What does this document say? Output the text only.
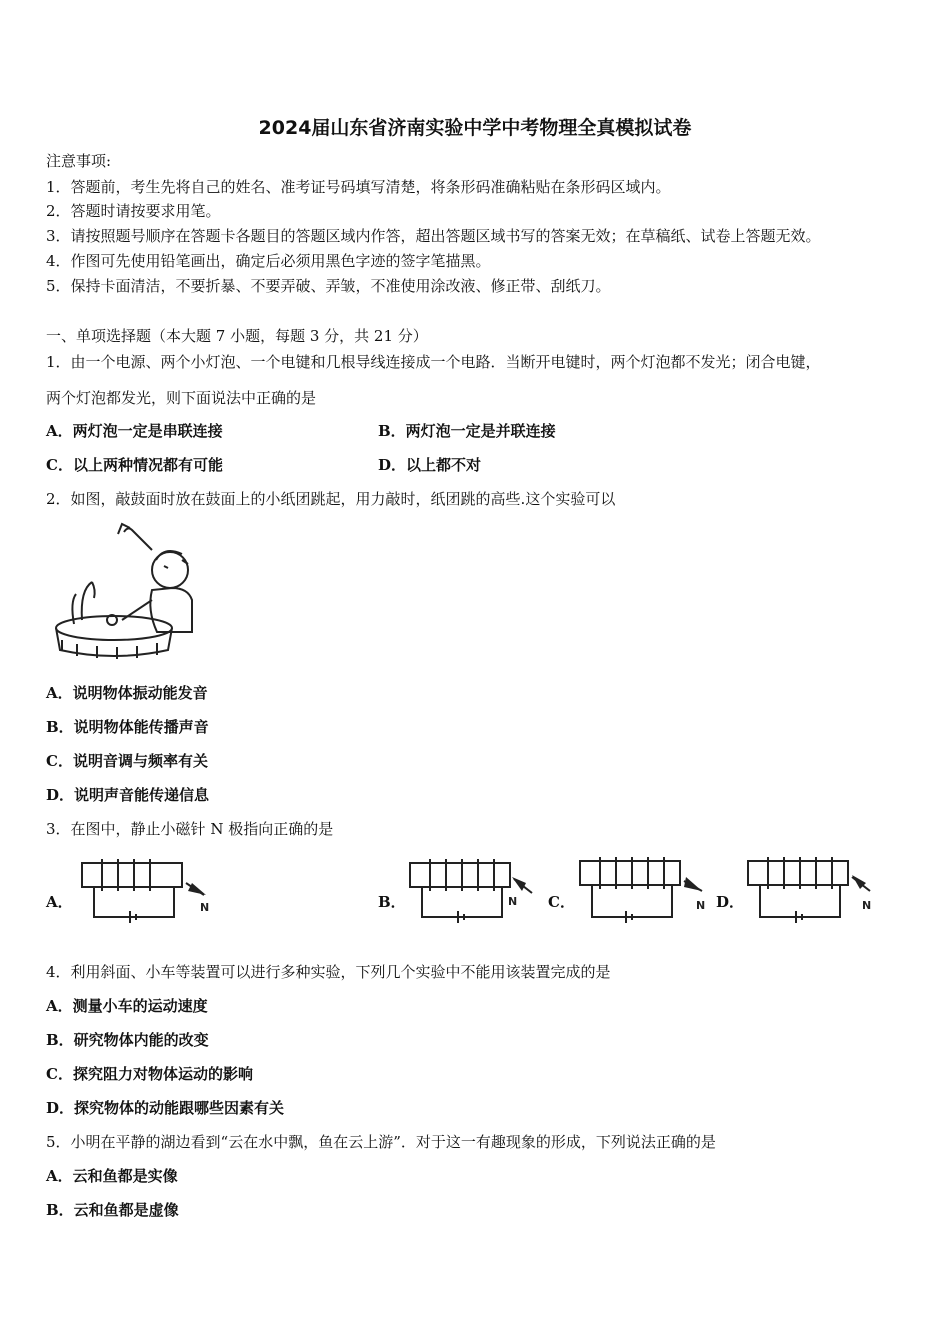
2024届山东省济南实验中学中考物理全真模拟试卷
注意事项:
1．答题前，考生先将自己的姓名、准考证号码填写清楚，将条形码准确粘贴在条形码区域内。
2．答题时请按要求用笔。
3．请按照题号顺序在答题卡各题目的答题区域内作答，超出答题区域书写的答案无效；在草稿纸、试卷上答题无效。
4．作图可先使用铅笔画出，确定后必须用黑色字迹的签字笔描黑。
5．保持卡面清洁，不要折暴、不要弄破、弄皱，不准使用涂改液、修正带、刮纸刀。
一、单项选择题（本大题 7 小题，每题 3 分，共 21 分）
1．由一个电源、两个小灯泡、一个电键和几根导线连接成一个电路．当断开电键时，两个灯泡都不发光；闭合电键，
两个灯泡都发光，则下面说法中正确的是
A．两灯泡一定是串联连接	B．两灯泡一定是并联连接
C．以上两种情况都有可能	D．以上都不对
2．如图，敲鼓面时放在鼓面上的小纸团跳起，用力敲时，纸团跳的高些.这个实验可以
A．说明物体振动能发音
B．说明物体能传播声音
C．说明音调与频率有关
D．说明声音能传递信息
3．在图中，静止小磁针 N 极指向正确的是
A．	B．	C．	D．
N	N	N	N
4．利用斜面、小车等装置可以进行多种实验，下列几个实验中不能用该装置完成的是
A．测量小车的运动速度
B．研究物体内能的改变
C．探究阻力对物体运动的影响
D．探究物体的动能跟哪些因素有关
5．小明在平静的湖边看到“云在水中飘，鱼在云上游”．对于这一有趣现象的形成，下列说法正确的是
A．云和鱼都是实像
B．云和鱼都是虚像
